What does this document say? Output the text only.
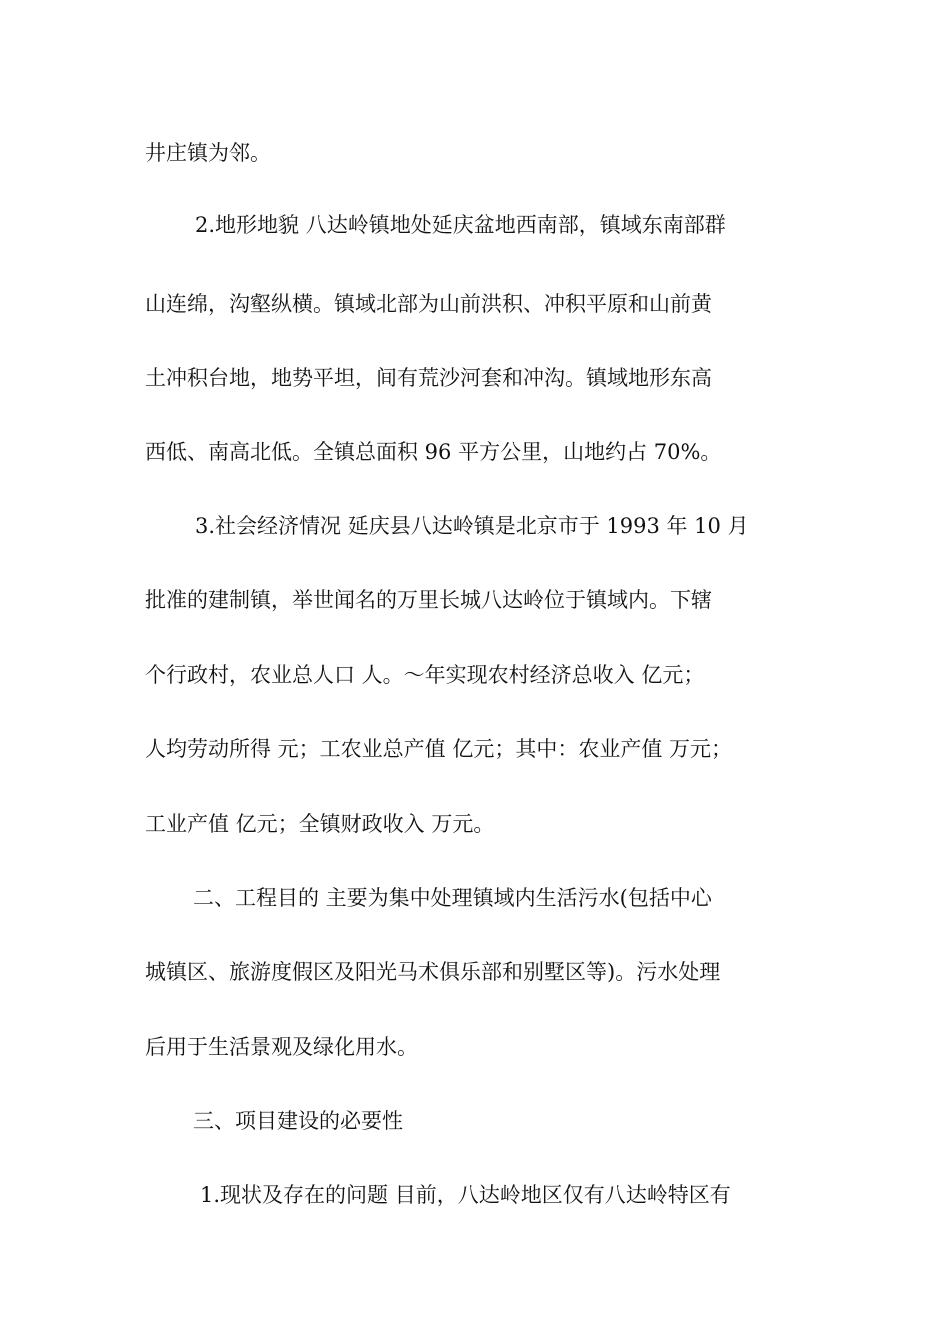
井庄镇为邻。
2.地形地貌 八达岭镇地处延庆盆地西南部，镇域东南部群
山连绵，沟壑纵横。镇域北部为山前洪积、冲积平原和山前黄
土冲积台地，地势平坦，间有荒沙河套和冲沟。镇域地形东高
西低、南高北低。全镇总面积 96 平方公里，山地约占 70%。
3.社会经济情况 延庆县八达岭镇是北京市于 1993 年 10 月
批准的建制镇，举世闻名的万里长城八达岭位于镇域内。下辖
个行政村，农业总人口 人。～年实现农村经济总收入 亿元；
人均劳动所得 元；工农业总产值 亿元；其中：农业产值 万元；
工业产值 亿元；全镇财政收入 万元。
二、工程目的 主要为集中处理镇域内生活污水(包括中心
城镇区、旅游度假区及阳光马术俱乐部和别墅区等)。污水处理
后用于生活景观及绿化用水。
三、项目建设的必要性
1.现状及存在的问题 目前，八达岭地区仅有八达岭特区有
